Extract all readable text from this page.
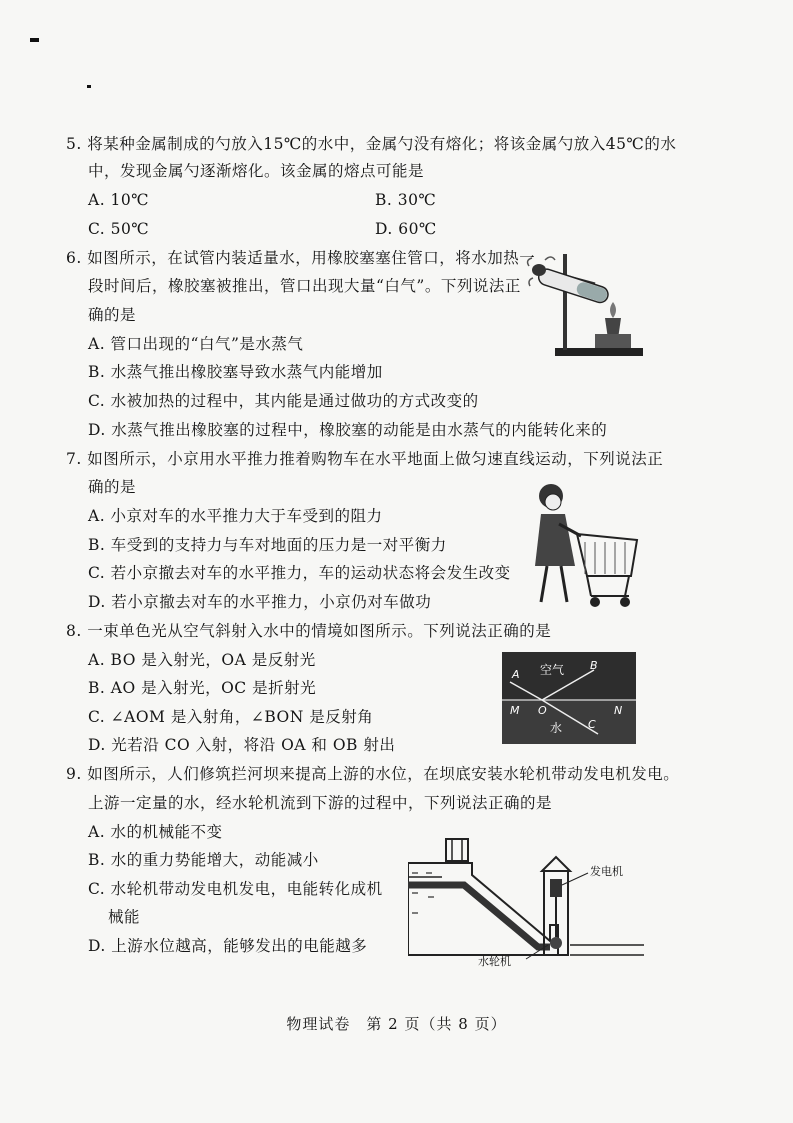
5. 将某种金属制成的勺放入15℃的水中，金属勺没有熔化；将该金属勺放入45℃的水
中，发现金属勺逐渐熔化。该金属的熔点可能是
A. 10℃	B. 30℃
C. 50℃	D. 60℃
6. 如图所示，在试管内装适量水，用橡胶塞塞住管口，将水加热一
段时间后，橡胶塞被推出，管口出现大量“白气”。下列说法正
确的是
A. 管口出现的“白气”是水蒸气
B. 水蒸气推出橡胶塞导致水蒸气内能增加
C. 水被加热的过程中，其内能是通过做功的方式改变的
D. 水蒸气推出橡胶塞的过程中，橡胶塞的动能是由水蒸气的内能转化来的
7. 如图所示，小京用水平推力推着购物车在水平地面上做匀速直线运动，下列说法正
确的是
A. 小京对车的水平推力大于车受到的阻力
B. 车受到的支持力与车对地面的压力是一对平衡力
C. 若小京撤去对车的水平推力，车的运动状态将会发生改变
D. 若小京撤去对车的水平推力，小京仍对车做功
8. 一束单色光从空气斜射入水中的情境如图所示。下列说法正确的是
A. BO 是入射光，OA 是反射光
B. AO 是入射光，OC 是折射光
C. ∠AOM 是入射角，∠BON 是反射角
D. 光若沿 CO 入射，将沿 OA 和 OB 射出
A
B
C
M	N
O
空气
水
9. 如图所示，人们修筑拦河坝来提高上游的水位，在坝底安装水轮机带动发电机发电。
上游一定量的水，经水轮机流到下游的过程中，下列说法正确的是
A. 水的机械能不变
B. 水的重力势能增大，动能减小
C. 水轮机带动发电机发电，电能转化成机
械能
D. 上游水位越高，能够发出的电能越多
发电机
水轮机
物理试卷　第 2 页（共 8 页）
